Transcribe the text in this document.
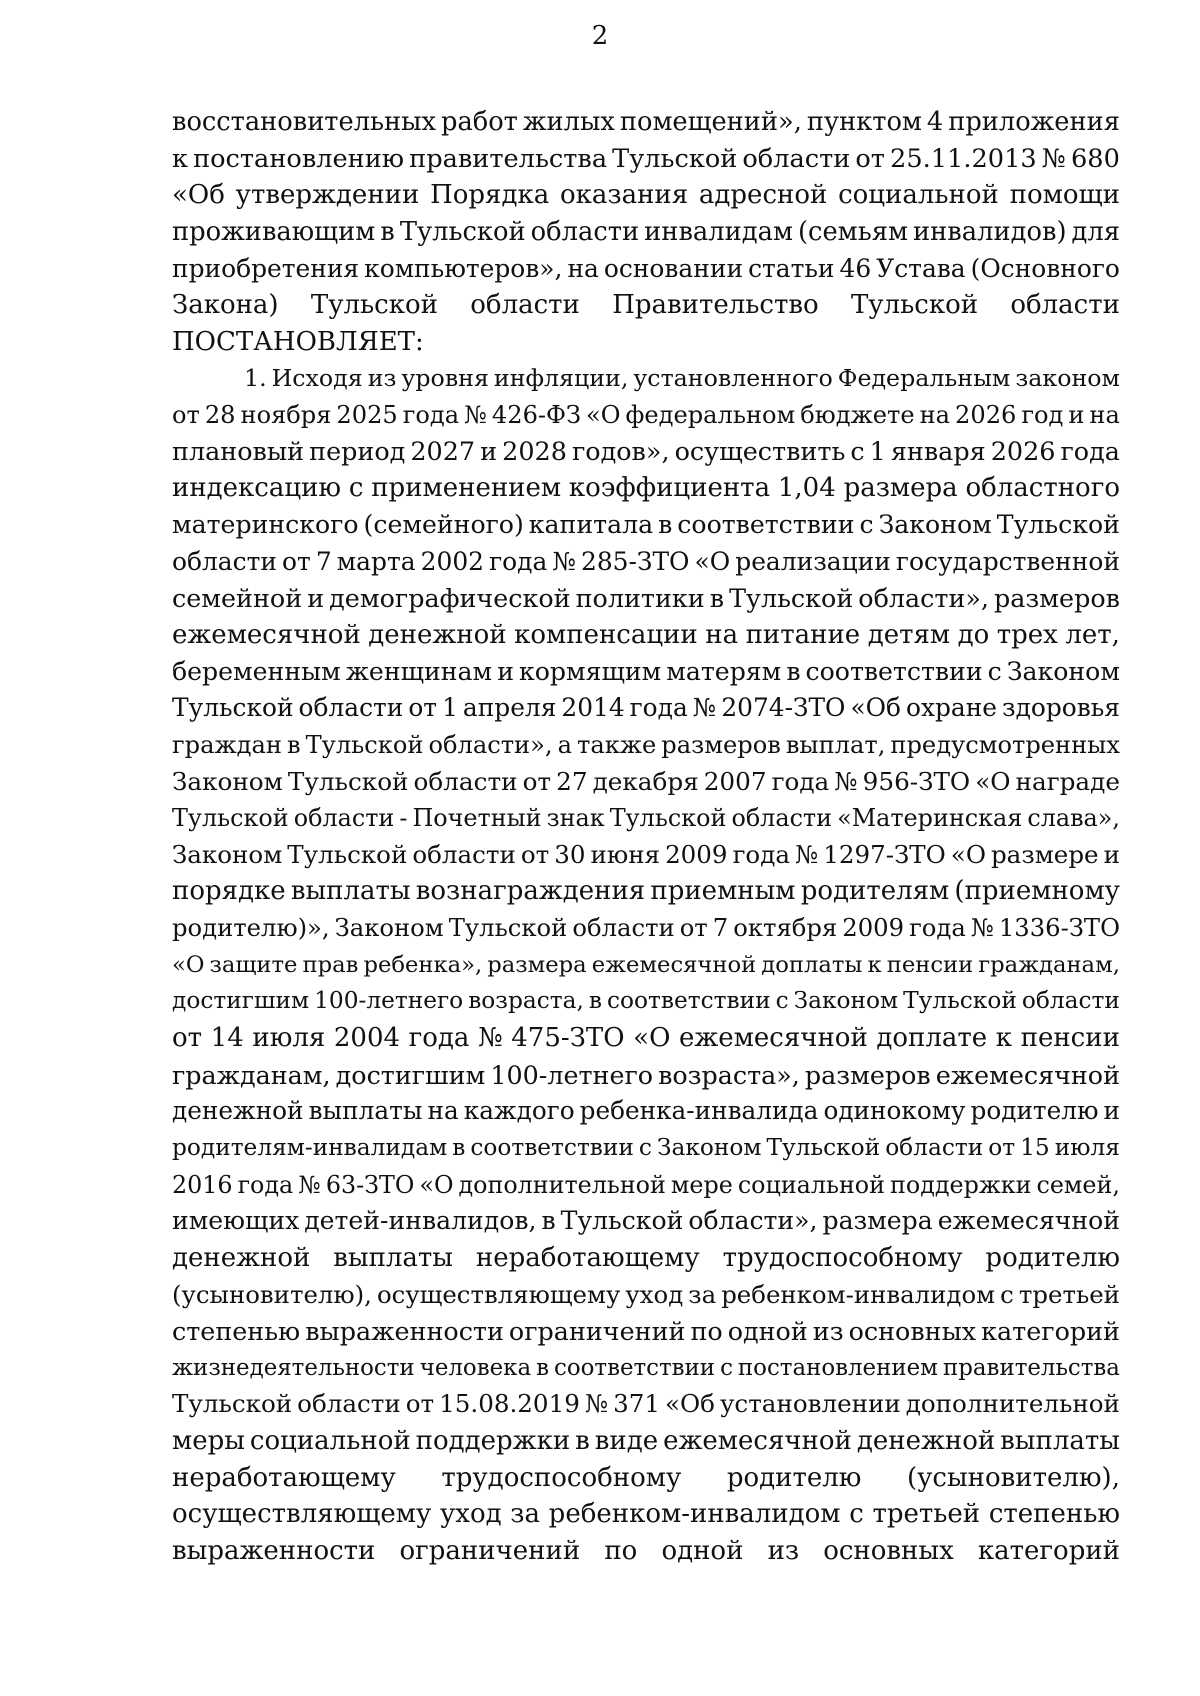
2
восстановительных работ жилых помещений», пунктом 4 приложения
к постановлению правительства Тульской области от 25.11.2013 № 680
«Об утверждении Порядка оказания адресной социальной помощи
проживающим в Тульской области инвалидам (семьям инвалидов) для
приобретения компьютеров», на основании статьи 46 Устава (Основного
Закона) Тульской области Правительство Тульской области
ПОСТАНОВЛЯЕТ:
1. Исходя из уровня инфляции, установленного Федеральным законом
от 28 ноября 2025 года № 426-ФЗ «О федеральном бюджете на 2026 год и на
плановый период 2027 и 2028 годов», осуществить с 1 января 2026 года
индексацию с применением коэффициента 1,04 размера областного
материнского (семейного) капитала в соответствии с Законом Тульской
области от 7 марта 2002 года № 285-ЗТО «О реализации государственной
семейной и демографической политики в Тульской области», размеров
ежемесячной денежной компенсации на питание детям до трех лет,
беременным женщинам и кормящим матерям в соответствии с Законом
Тульской области от 1 апреля 2014 года № 2074-ЗТО «Об охране здоровья
граждан в Тульской области», а также размеров выплат, предусмотренных
Законом Тульской области от 27 декабря 2007 года № 956-ЗТО «О награде
Тульской области - Почетный знак Тульской области «Материнская слава»,
Законом Тульской области от 30 июня 2009 года № 1297-ЗТО «О размере и
порядке выплаты вознаграждения приемным родителям (приемному
родителю)», Законом Тульской области от 7 октября 2009 года № 1336-ЗТО
«О защите прав ребенка», размера ежемесячной доплаты к пенсии гражданам,
достигшим 100-летнего возраста, в соответствии с Законом Тульской области
от 14 июля 2004 года № 475-ЗТО «О ежемесячной доплате к пенсии
гражданам, достигшим 100-летнего возраста», размеров ежемесячной
денежной выплаты на каждого ребенка-инвалида одинокому родителю и
родителям-инвалидам в соответствии с Законом Тульской области от 15 июля
2016 года № 63-ЗТО «О дополнительной мере социальной поддержки семей,
имеющих детей-инвалидов, в Тульской области», размера ежемесячной
денежной выплаты неработающему трудоспособному родителю
(усыновителю), осуществляющему уход за ребенком-инвалидом с третьей
степенью выраженности ограничений по одной из основных категорий
жизнедеятельности человека в соответствии с постановлением правительства
Тульской области от 15.08.2019 № 371 «Об установлении дополнительной
меры социальной поддержки в виде ежемесячной денежной выплаты
неработающему трудоспособному родителю (усыновителю),
осуществляющему уход за ребенком-инвалидом с третьей степенью
выраженности ограничений по одной из основных категорий
